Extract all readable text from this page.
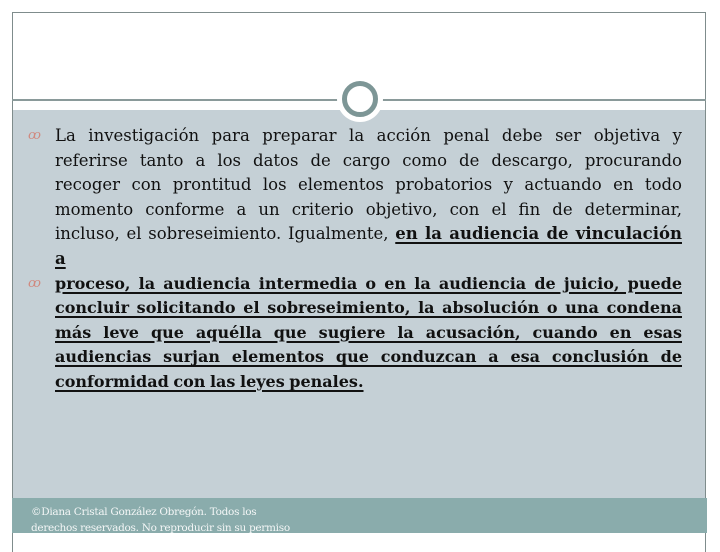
ꝏ La investigación para preparar la acción penal debe ser objetiva y referirse tanto a los datos de cargo como de descargo, procurando recoger con prontitud los elementos probatorios y actuando en todo momento conforme a un criterio objetivo, con el fin de determinar, incluso, el sobreseimiento. Igualmente, en la audiencia de vinculación a

ꝏ proceso, la audiencia intermedia o en la audiencia de juicio, puede concluir solicitando el sobreseimiento, la absolución o una condena más leve que aquélla que sugiere la acusación, cuando en esas audiencias surjan elementos que conduzcan a esa conclusión de conformidad con las leyes penales.

©Diana Cristal González Obregón. Todos los derechos reservados. No reproducir sin su permiso
